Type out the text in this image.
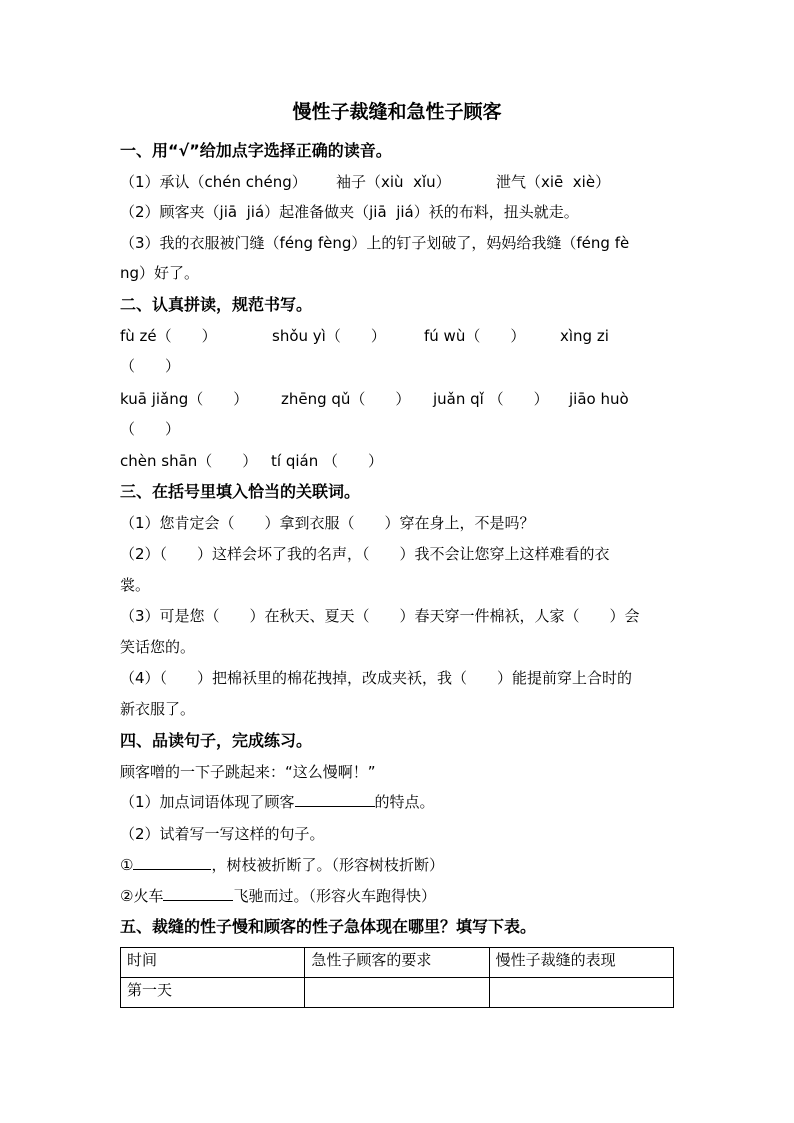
慢性子裁缝和急性子顾客
一、用“√”给加点字选择正确的读音。
（1）承认（chén chéng） 袖子（xiù  xǐu）	泄气（xiē  xiè）
（2）顾客夹（jiā  jiá）起准备做夹（jiā  jiá）袄的布料，扭头就走。
（3）我的衣服被门缝（féng fèng）上的钉子划破了，妈妈给我缝（féng fè
ng）好了。
二、认真拼读，规范书写。
fù zé（　　）	shǒu yì（　　）	fú wù（　　） xìng zi
（　　）
kuā jiǎng（　　） zhēng qǔ（　　） juǎn qǐ （　　） jiāo huò
（　　）
chèn shān（　　） tí qián （　　）
三、在括号里填入恰当的关联词。
（1）您肯定会（　　）拿到衣服（　　）穿在身上，不是吗？
（2）（　　）这样会坏了我的名声，（　　）我不会让您穿上这样难看的衣
裳。
（3）可是您（　　）在秋天、夏天（　　）春天穿一件棉袄，人家（　　）会
笑话您的。
（4）（　　）把棉袄里的棉花拽掉，改成夹袄，我（　　）能提前穿上合时的
新衣服了。
四、品读句子，完成练习。
顾客噌的一下子跳起来：“这么慢啊！”
（1）加点词语体现了顾客	的特点。
（2）试着写一写这样的句子。
①	，树枝被折断了。（形容树枝折断）
②火车	飞驰而过。（形容火车跑得快）
五、裁缝的性子慢和顾客的性子急体现在哪里？填写下表。
时间	急性子顾客的要求	慢性子裁缝的表现
第一天		
